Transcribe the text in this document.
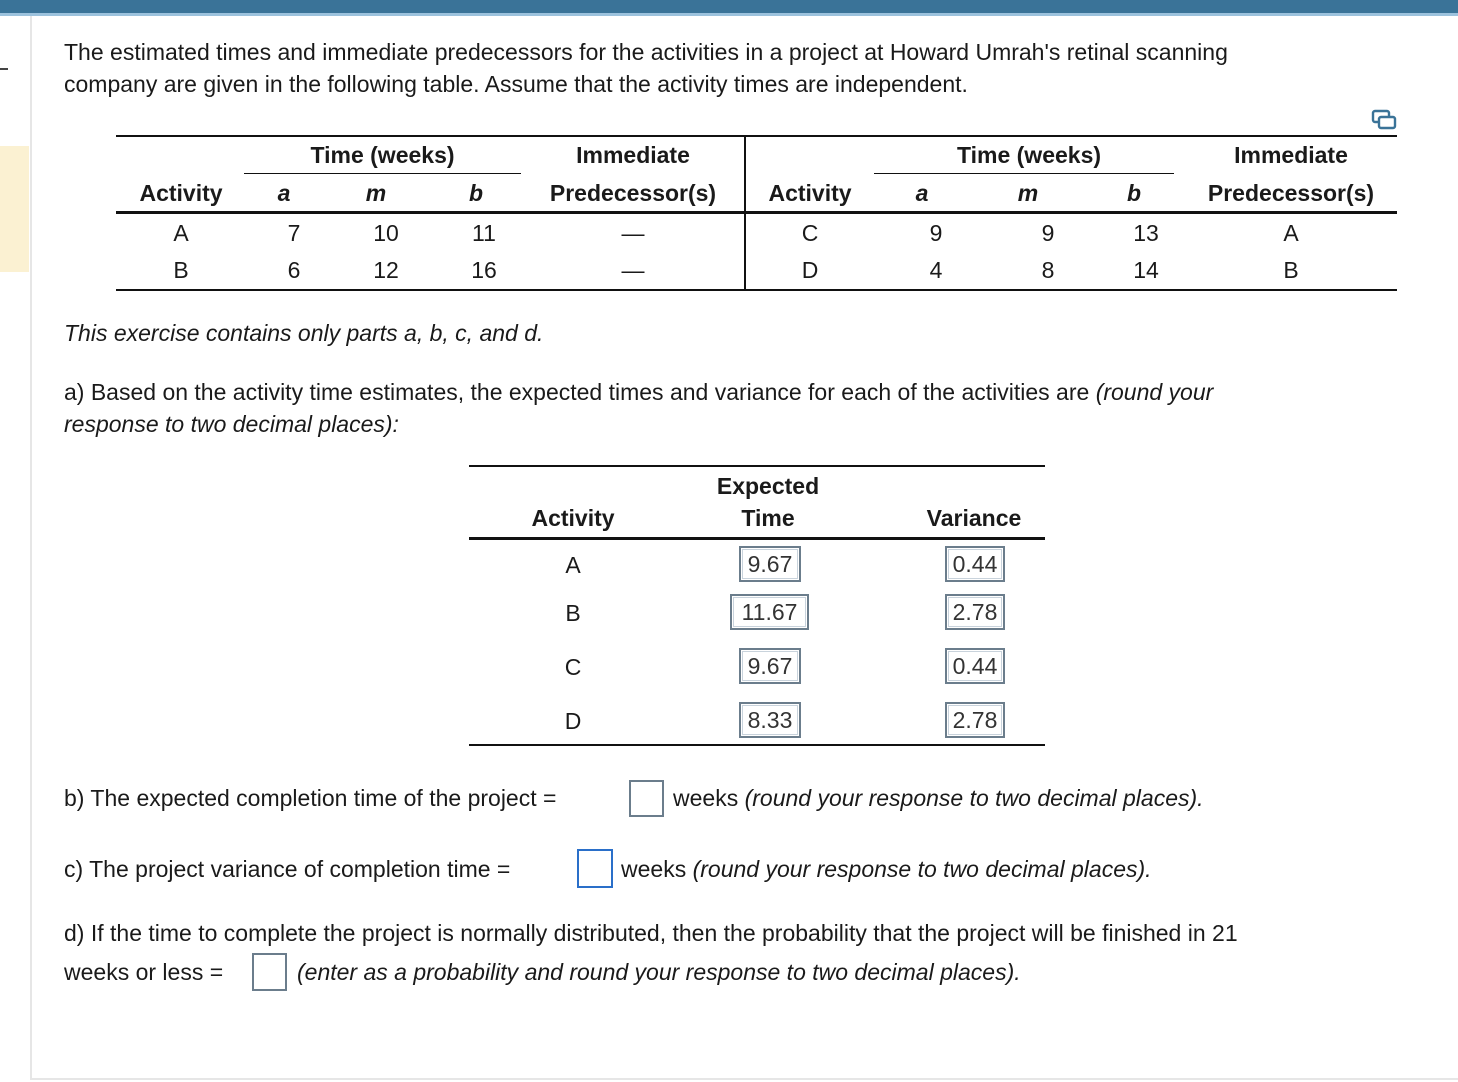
The estimated times and immediate predecessors for the activities in a project at Howard Umrah's retinal scanning
company are given in the following table. Assume that the activity times are independent.
Time (weeks)	Immediate
Activity	a	m	b	Predecessor(s)
A	7	10	11	—
B	6	12	16	—
Time (weeks)	Immediate
Activity	a	m	b	Predecessor(s)
C	9	9	13	A
D	4	8	14	B
This exercise contains only parts a, b, c, and d.
a) Based on the activity time estimates, the expected times and variance for each of the activities are (round your
response to two decimal places):
Activity
Expected
Time	Variance
A	9.67	0.44
B	11.67	2.78
C	9.67	0.44
D	8.33	2.78
b) The expected completion time of the project =	weeks (round your response to two decimal places).
c) The project variance of completion time =	weeks (round your response to two decimal places).
d) If the time to complete the project is normally distributed, then the probability that the project will be finished in 21
weeks or less =	(enter as a probability and round your response to two decimal places).
